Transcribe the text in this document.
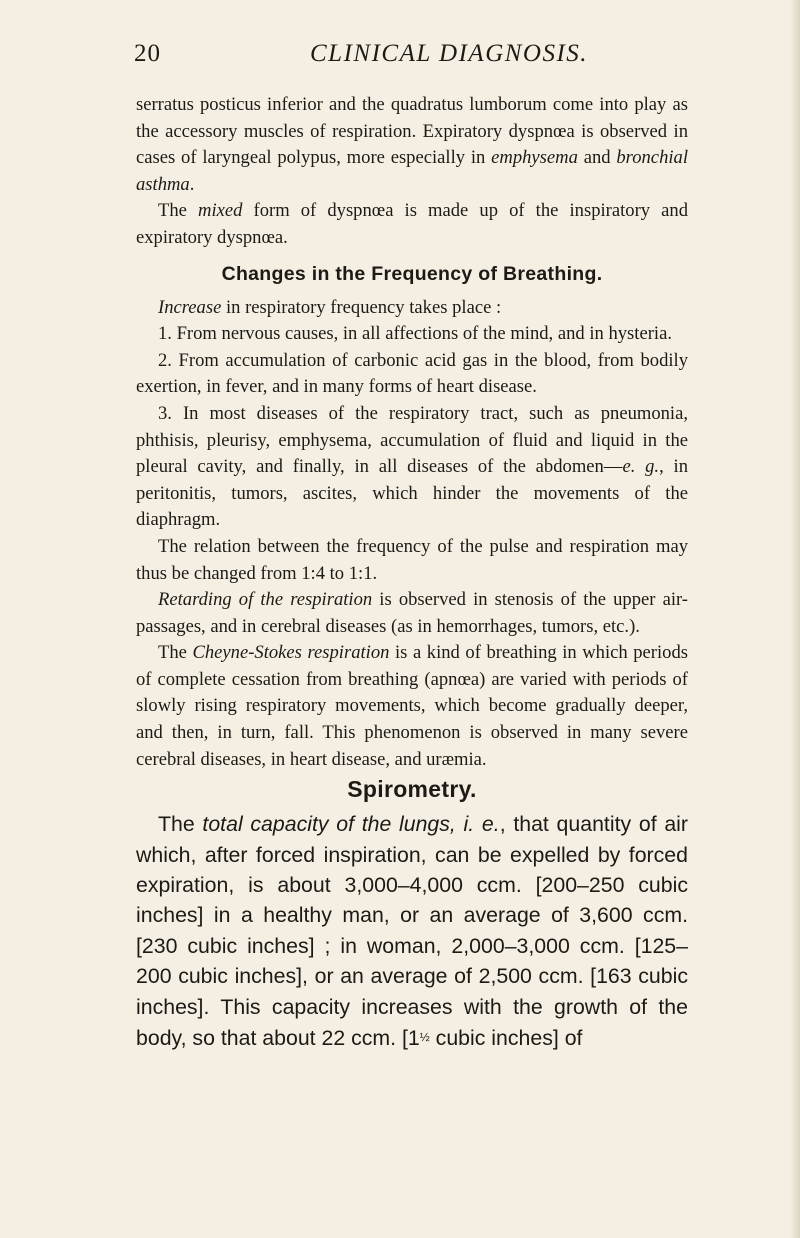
20	CLINICAL DIAGNOSIS.

serratus posticus inferior and the quadratus lumborum come into play as the accessory muscles of respiration. Expiratory dyspnœa is observed in cases of laryngeal polypus, more especially in emphysema and bronchial asthma.

The mixed form of dyspnœa is made up of the inspiratory and expiratory dyspnœa.

Changes in the Frequency of Breathing.

Increase in respiratory frequency takes place :

1. From nervous causes, in all affections of the mind, and in hysteria.

2. From accumulation of carbonic acid gas in the blood, from bodily exertion, in fever, and in many forms of heart disease.

3. In most diseases of the respiratory tract, such as pneumonia, phthisis, pleurisy, emphysema, accumulation of fluid and liquid in the pleural cavity, and finally, in all diseases of the abdomen—e. g., in peritonitis, tumors, ascites, which hinder the movements of the diaphragm.

The relation between the frequency of the pulse and respiration may thus be changed from 1:4 to 1:1.

Retarding of the respiration is observed in stenosis of the upper air-passages, and in cerebral diseases (as in hemorrhages, tumors, etc.).

The Cheyne-Stokes respiration is a kind of breathing in which periods of complete cessation from breathing (apnœa) are varied with periods of slowly rising respiratory movements, which become gradually deeper, and then, in turn, fall. This phenomenon is observed in many severe cerebral diseases, in heart disease, and uræmia.

Spirometry.

The total capacity of the lungs, i. e., that quantity of air which, after forced inspiration, can be expelled by forced expiration, is about 3,000–4,000 ccm. [200–250 cubic inches] in a healthy man, or an average of 3,600 ccm. [230 cubic inches] ; in woman, 2,000–3,000 ccm. [125–200 cubic inches], or an average of 2,500 ccm. [163 cubic inches]. This capacity increases with the growth of the body, so that about 22 ccm. [1½ cubic inches] of
